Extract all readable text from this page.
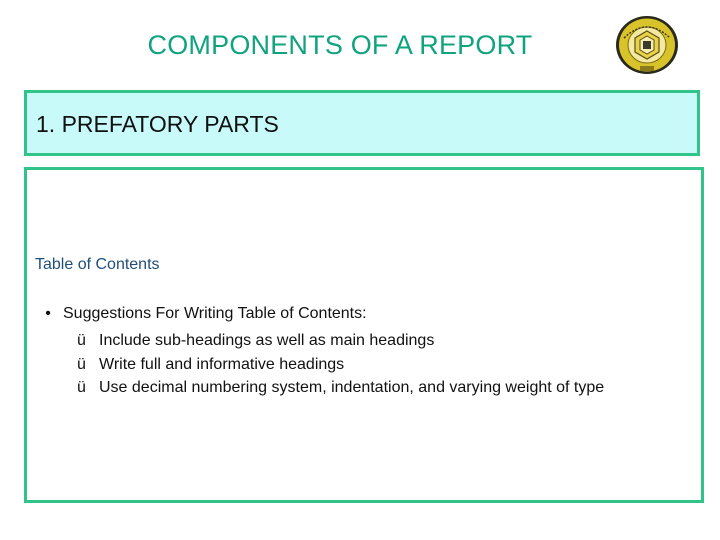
COMPONENTS OF A REPORT
1. PREFATORY PARTS
Table of Contents
• Suggestions For Writing Table of Contents:
ü Include sub-headings as well as main headings
ü Write full and informative headings
ü Use decimal numbering system, indentation, and varying weight of type
